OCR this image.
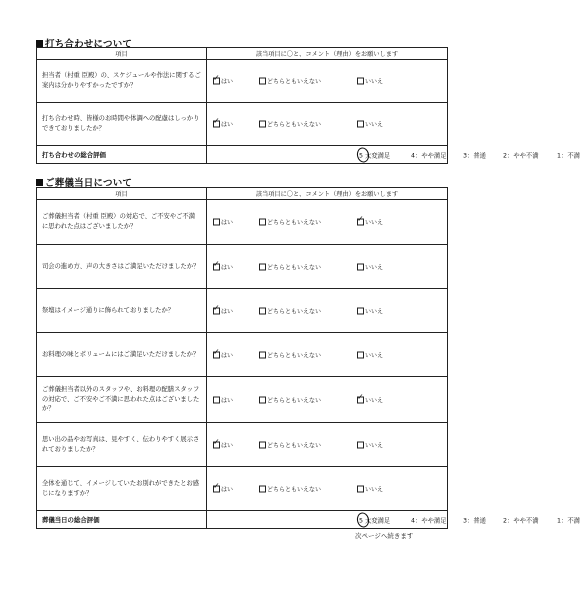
打ち合わせについて
項目	該当項目に〇と、コメント（理由）をお願いします
担当者（村重 臣殿）の、スケジュールや作法に関するご案内は分かりやすかったですか？	
✓はい どちらともいえない いいえ

打ち合わせ時、皆様のお時間や体調への配慮はしっかりできておりましたか？	
✓はい どちらともいえない いいえ

打ち合わせの総合評価	5 大変満足 4：やや満足 3：普通 2：やや不満 1：不満
ご葬儀当日について
項目	該当項目に〇と、コメント（理由）をお願いします
ご葬儀担当者（村重 臣殿）の対応で、ご不安やご不満に思われた点はございましたか？	はい どちらともいえない ✓ いいえ

司会の進め方、声の大きさはご満足いただけましたか？	
✓はい どちらともいえない いいえ

祭壇はイメージ通りに飾られておりましたか？	
✓はい どちらともいえない いいえ

お料理の味とボリュームにはご満足いただけましたか？	
✓はい どちらともいえない いいえ

ご葬儀担当者以外のスタッフや、お料理の配膳スタッフの対応で、ご不安やご不満に思われた点はございましたか？	はい どちらともいえない ✓ いいえ

思い出の品やお写真は、見やすく、伝わりやすく展示されておりましたか？	
✓はい どちらともいえない いいえ

全体を通じて、イメージしていたお別れができたとお感じになりますか？	
✓はい どちらともいえない いいえ

葬儀当日の総合評価	5 大変満足 4：やや満足 3：普通 2：やや不満 1：不満
次ページへ続きます
